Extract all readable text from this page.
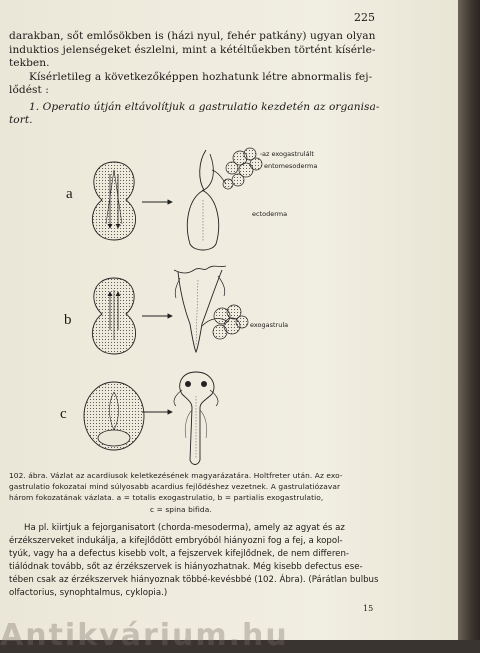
225
darakban, sőt emlősökben is (házi nyul, fehér patkány) ugyan olyan
induktios jelenségeket észlelni, mint a kétéltűekben történt kísérle-
tekben.
Kísérletileg a következőképpen hozhatunk létre abnormalis fej-
lődést :
1. Operatio útján eltávolítjuk a gastrulatio kezdetén az organisa-
tort.
a
b
c
az exogastrulált
entomesoderma
ectoderma
exogastrula
102. ábra. Vázlat az acardiusok keletkezésének magyarázatára. Holtfreter után. Az exo-
gastrulatio fokozatai mind súlyosabb acardius fejlődéshez vezetnek. A gastrulatiózavar
három fokozatának vázlata. a = totalis exogastrulatio, b = partialis exogastrulatio,
c = spina bifida.
Ha pl. kiirtjuk a fejorganisatort (chorda-mesoderma), amely az agyat és az
érzékszerveket indukálja, a kifejlődött embryóból hiányozni fog a fej, a kopol-
tyúk, vagy ha a defectus kisebb volt, a fejszervek kifejlődnek, de nem differen-
tiálódnak tovább, sőt az érzékszervek is hiányozhatnak. Még kisebb defectus ese-
tében csak az érzékszervek hiányoznak többé-kevésbbé (102. Ábra). (Párátlan bulbus
olfactorius, synophtalmus, cyklopia.)
15
Antikvárium.hu
